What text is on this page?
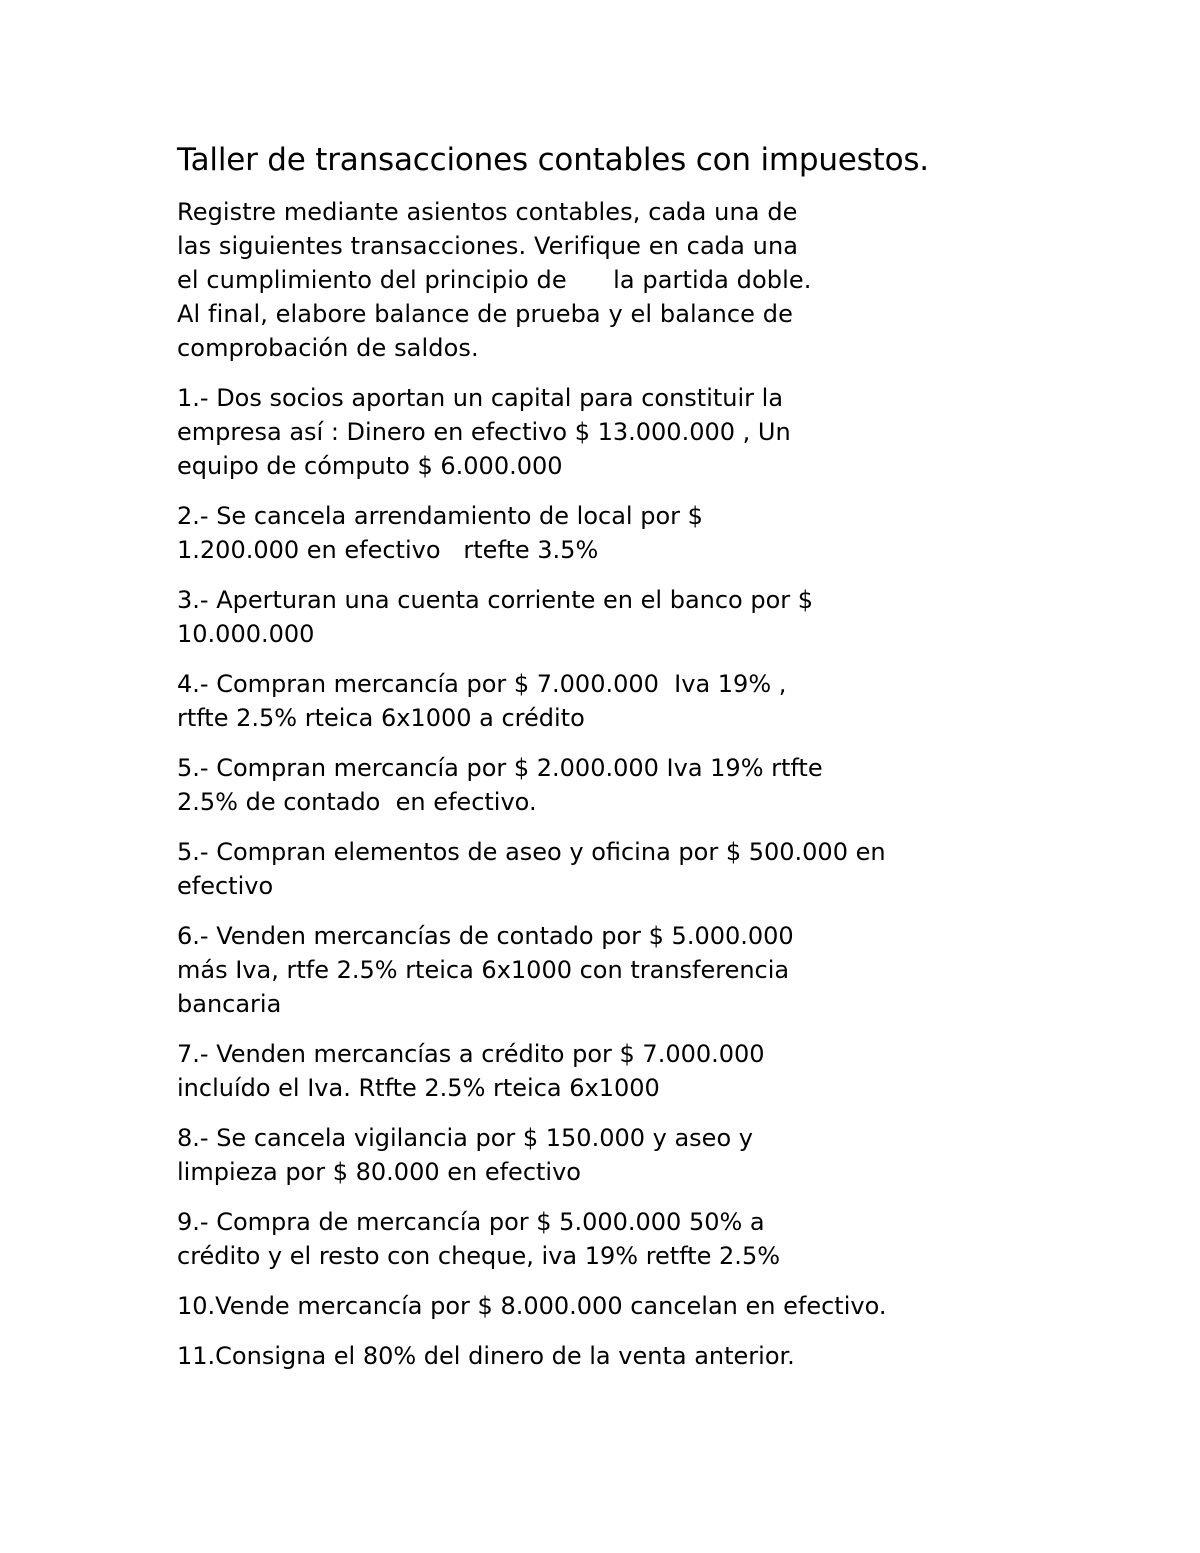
Taller de transacciones contables con impuestos.
Registre mediante asientos contables, cada una de
las siguientes transacciones. Verifique en cada una
el cumplimiento del principio de      la partida doble.
Al final, elabore balance de prueba y el balance de
comprobación de saldos.
1.- Dos socios aportan un capital para constituir la
empresa así : Dinero en efectivo $ 13.000.000 , Un
equipo de cómputo $ 6.000.000
2.- Se cancela arrendamiento de local por $
1.200.000 en efectivo   rtefte 3.5%
3.- Aperturan una cuenta corriente en el banco por $
10.000.000
4.- Compran mercancía por $ 7.000.000  Iva 19% ,
rtfte 2.5% rteica 6x1000 a crédito
5.- Compran mercancía por $ 2.000.000 Iva 19% rtfte
2.5% de contado  en efectivo.
5.- Compran elementos de aseo y oficina por $ 500.000 en
efectivo
6.- Venden mercancías de contado por $ 5.000.000
más Iva, rtfe 2.5% rteica 6x1000 con transferencia
bancaria
7.- Venden mercancías a crédito por $ 7.000.000
incluído el Iva. Rtfte 2.5% rteica 6x1000
8.- Se cancela vigilancia por $ 150.000 y aseo y
limpieza por $ 80.000 en efectivo
9.- Compra de mercancía por $ 5.000.000 50% a
crédito y el resto con cheque, iva 19% retfte 2.5%
10.Vende mercancía por $ 8.000.000 cancelan en efectivo.
11.Consigna el 80% del dinero de la venta anterior.
